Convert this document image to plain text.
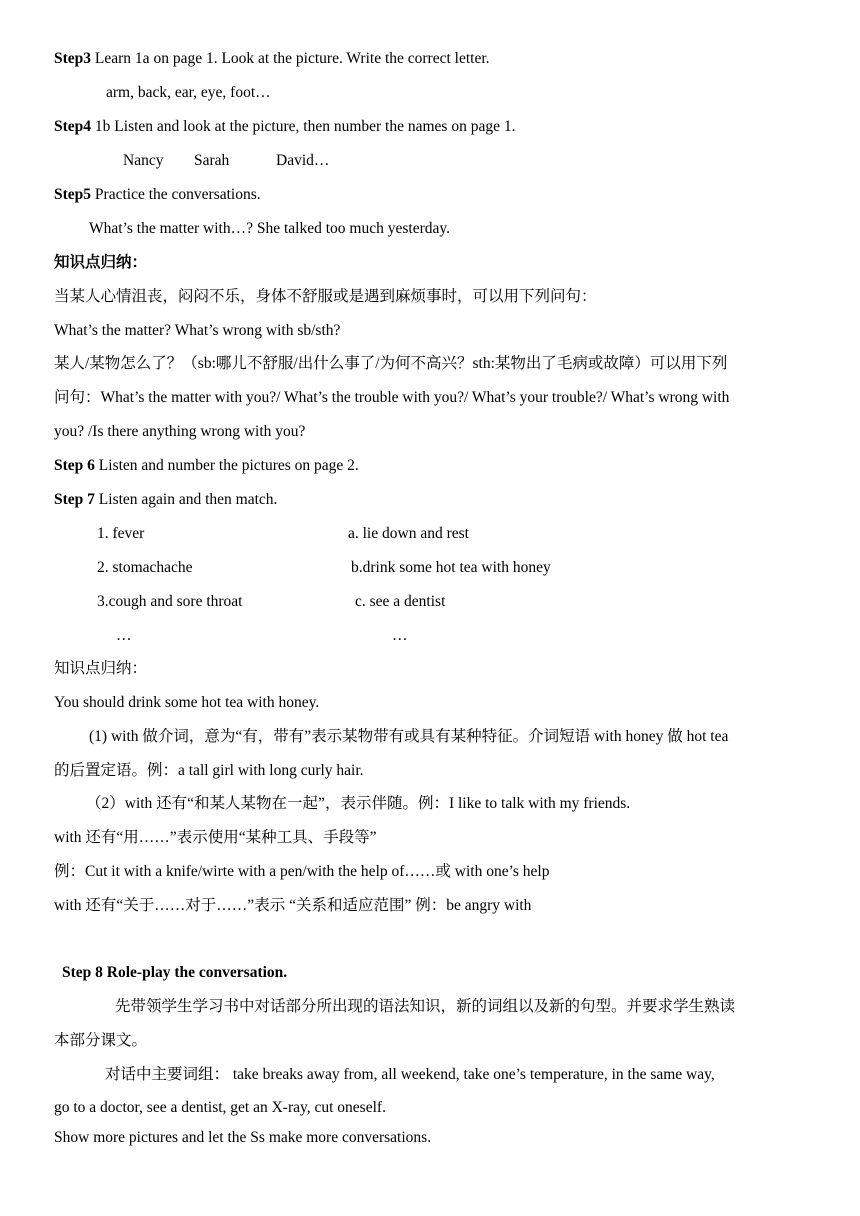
Step3 Learn 1a on page 1. Look at the picture. Write the correct letter.
arm, back, ear, eye, foot…
Step4 1b Listen and look at the picture, then number the names on page 1.
Nancy Sarah	David…
Step5 Practice the conversations.
What’s the matter with…? She talked too much yesterday.
知识点归纳：
当某人心情沮丧，闷闷不乐，身体不舒服或是遇到麻烦事时，可以用下列问句：
What’s the matter? What’s wrong with sb/sth?
某人/某物怎么了？（sb:哪儿不舒服/出什么事了/为何不高兴？sth:某物出了毛病或故障）可以用下列
问句：What’s the matter with you?/ What’s the trouble with you?/ What’s your trouble?/ What’s wrong with
you? /Is there anything wrong with you?
Step 6 Listen and number the pictures on page 2.
Step 7 Listen again and then match.
1. fever	a. lie down and rest
2. stomachache	b.drink some hot tea with honey
3.cough and sore throat	c. see a dentist
…	…
知识点归纳：
You should drink some hot tea with honey.
(1) with 做介词，意为“有，带有”表示某物带有或具有某种特征。介词短语 with honey 做 hot tea
的后置定语。例：a tall girl with long curly hair.
（2）with 还有“和某人某物在一起”，表示伴随。例：I like to talk with my friends.
with 还有“用……”表示使用“某种工具、手段等”
例：Cut it with a knife/wirte with a pen/with the help of……或 with one’s help
with 还有“关于……对于……”表示 “关系和适应范围” 例：be angry with
Step 8 Role-play the conversation.
先带领学生学习书中对话部分所出现的语法知识，新的词组以及新的句型。并要求学生熟读
本部分课文。
对话中主要词组： take breaks away from, all weekend, take one’s temperature, in the same way,
go to a doctor, see a dentist, get an X-ray, cut oneself.
Show more pictures and let the Ss make more conversations.
